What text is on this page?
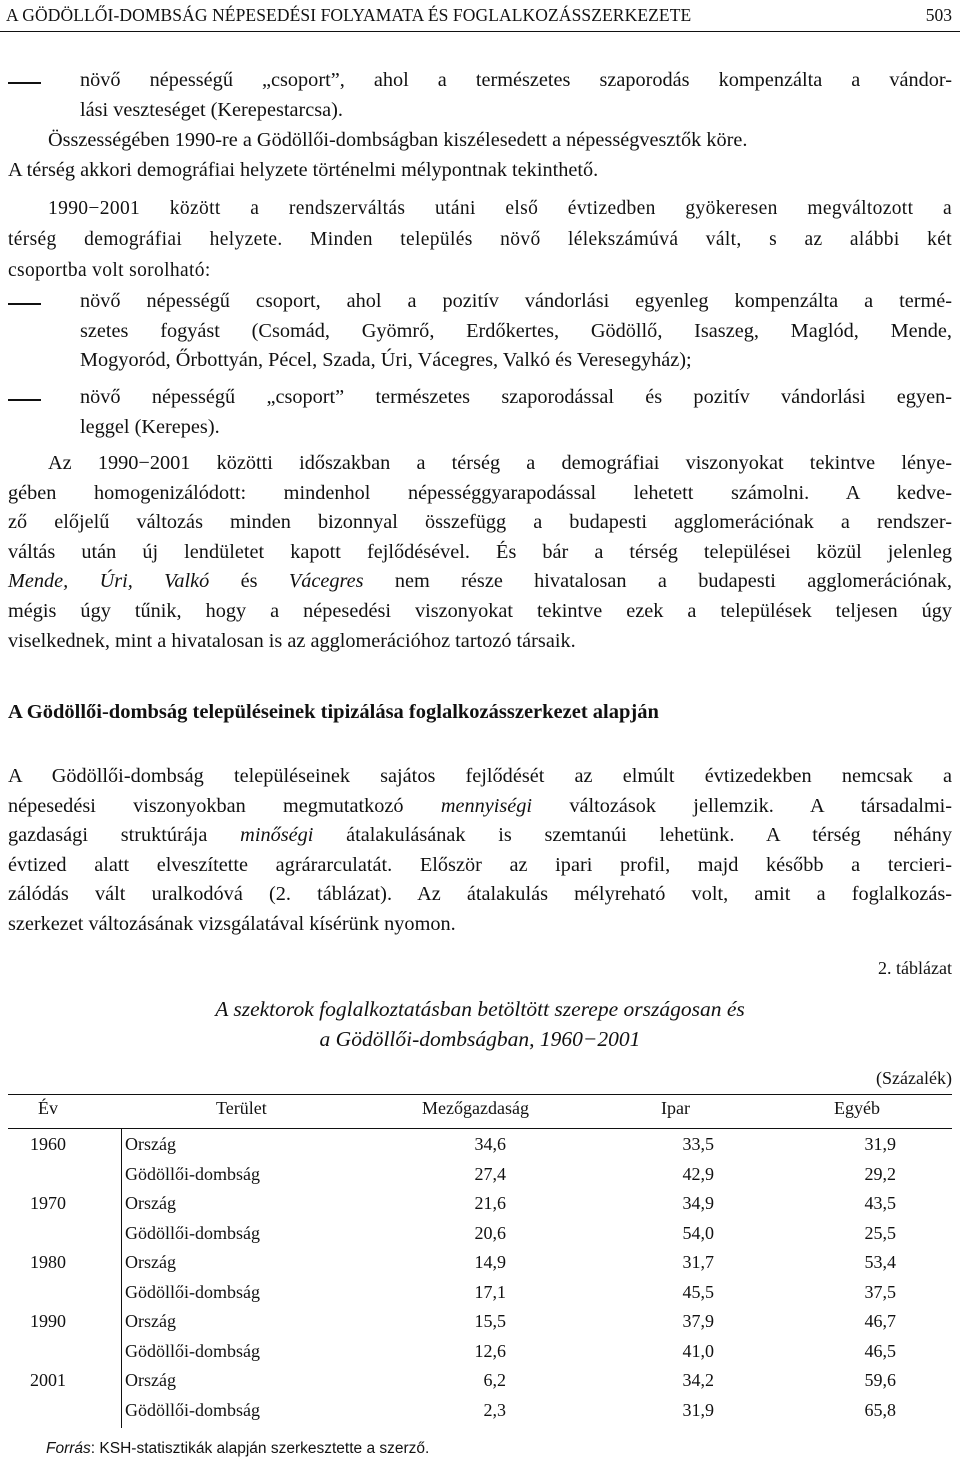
A GÖDÖLLŐI-DOMBSÁG NÉPESEDÉSI FOLYAMATA ÉS FOGLALKOZÁSSZERKEZETE	503
növő népességű „csoport”, ahol a természetes szaporodás kompenzálta a vándor-
lási veszteséget (Kerepestarcsa).
Összességében 1990-re a Gödöllői-dombságban kiszélesedett a népességvesztők köre.
A térség akkori demográfiai helyzete történelmi mélypontnak tekinthető.
1990−2001 között a rendszerváltás utáni első évtizedben gyökeresen megváltozott a
térség demográfiai helyzete. Minden település növő lélekszámúvá vált, s az alábbi két
csoportba volt sorolható:
növő népességű csoport, ahol a pozitív vándorlási egyenleg kompenzálta a termé-
szetes fogyást (Csomád, Gyömrő, Erdőkertes, Gödöllő, Isaszeg, Maglód, Mende,
Mogyoród, Őrbottyán, Pécel, Szada, Úri, Vácegres, Valkó és Veresegyház);
növő népességű „csoport” természetes szaporodással és pozitív vándorlási egyen-
leggel (Kerepes).
Az 1990−2001 közötti időszakban a térség a demográfiai viszonyokat tekintve lénye-
gében homogenizálódott: mindenhol népességgyarapodással lehetett számolni. A kedve-
ző előjelű változás minden bizonnyal összefügg a budapesti agglomerációnak a rendszer-
váltás után új lendületet kapott fejlődésével. És bár a térség települései közül jelenleg
Mende, Úri, Valkó és Vácegres nem része hivatalosan a budapesti agglomerációnak,
mégis úgy tűnik, hogy a népesedési viszonyokat tekintve ezek a települések teljesen úgy
viselkednek, mint a hivatalosan is az agglomerációhoz tartozó társaik.
A Gödöllői-dombság településeinek tipizálása foglalkozásszerkezet alapján
A Gödöllői-dombság településeinek sajátos fejlődését az elmúlt évtizedekben nemcsak a
népesedési viszonyokban megmutatkozó mennyiségi változások jellemzik. A társadalmi-
gazdasági struktúrája minőségi átalakulásának is szemtanúi lehetünk. A térség néhány
évtized alatt elveszítette agrárarculatát. Először az ipari profil, majd később a tercieri-
zálódás vált uralkodóvá (2. táblázat). Az átalakulás mélyreható volt, amit a foglalkozás-
szerkezet változásának vizsgálatával kísérünk nyomon.
2. táblázat
A szektorok foglalkoztatásban betöltött szerepe országosan és
a Gödöllői-dombságban, 1960−2001
(Százalék)
Év	Terület	Mezőgazdaság	Ipar	Egyéb
1960	Ország	34,6	33,5	31,9
Gödöllői-dombság	27,4	42,9	29,2
1970	Ország	21,6	34,9	43,5
Gödöllői-dombság	20,6	54,0	25,5
1980	Ország	14,9	31,7	53,4
Gödöllői-dombság	17,1	45,5	37,5
1990	Ország	15,5	37,9	46,7
Gödöllői-dombság	12,6	41,0	46,5
2001	Ország	6,2	34,2	59,6
Gödöllői-dombság	2,3	31,9	65,8
Forrás: KSH-statisztikák alapján szerkesztette a szerző.
